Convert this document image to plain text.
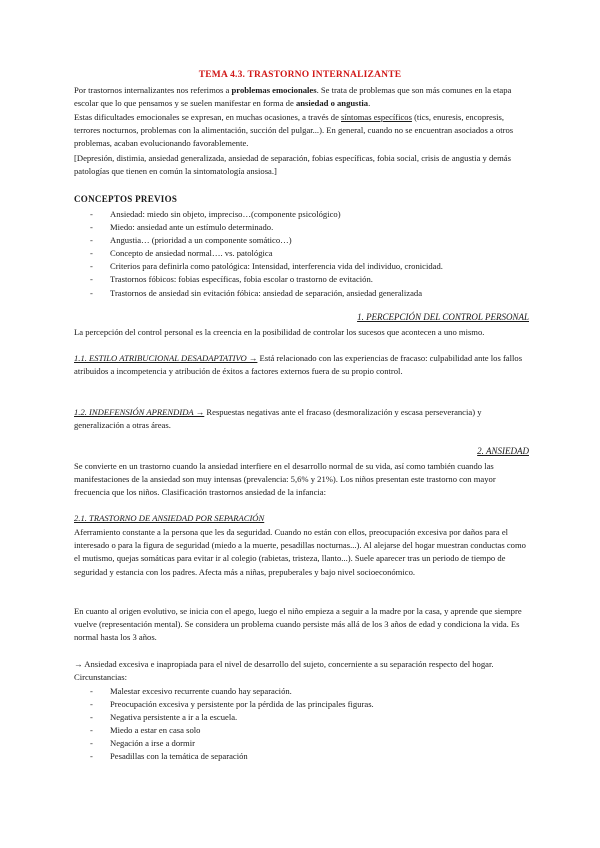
TEMA 4.3. TRASTORNO INTERNALIZANTE
Por trastornos internalizantes nos referimos a problemas emocionales. Se trata de problemas que son más comunes en la etapa escolar que lo que pensamos y se suelen manifestar en forma de ansiedad o angustia.
Estas dificultades emocionales se expresan, en muchas ocasiones, a través de síntomas específicos (tics, enuresis, encopresis, terrores nocturnos, problemas con la alimentación, succión del pulgar...). En general, cuando no se encuentran asociados a otros problemas, acaban evolucionando favorablemente.
[Depresión, distimia, ansiedad generalizada, ansiedad de separación, fobias específicas, fobia social, crisis de angustia y demás patologías que tienen en común la sintomatología ansiosa.]
CONCEPTOS PREVIOS
- Ansiedad: miedo sin objeto, impreciso…(componente psicológico)
- Miedo: ansiedad ante un estímulo determinado.
- Angustia… (prioridad a un componente somático…)
- Concepto de ansiedad normal…. vs. patológica
- Criterios para definirla como patológica: Intensidad, interferencia vida del individuo, cronicidad.
- Trastornos fóbicos: fobias específicas, fobia escolar o trastorno de evitación.
- Trastornos de ansiedad sin evitación fóbica: ansiedad de separación, ansiedad generalizada
1. PERCEPCIÓN DEL CONTROL PERSONAL
La percepción del control personal es la creencia en la posibilidad de controlar los sucesos que acontecen a uno mismo.
1.1. ESTILO ATRIBUCIONAL DESADAPTATIVO → Está relacionado con las experiencias de fracaso: culpabilidad ante los fallos atribuidos a incompetencia y atribución de éxitos a factores externos fuera de su propio control.
1.2. INDEFENSIÓN APRENDIDA → Respuestas negativas ante el fracaso (desmoralización y escasa perseverancia) y generalización a otras áreas.
2. ANSIEDAD
Se convierte en un trastorno cuando la ansiedad interfiere en el desarrollo normal de su vida, así como también cuando las manifestaciones de la ansiedad son muy intensas (prevalencia: 5,6% y 21%). Los niños presentan este trastorno con mayor frecuencia que los niños. Clasificación trastornos ansiedad de la infancia:
2.1. TRASTORNO DE ANSIEDAD POR SEPARACIÓN
Aferramiento constante a la persona que les da seguridad. Cuando no están con ellos, preocupación excesiva por daños para el interesado o para la figura de seguridad (miedo a la muerte, pesadillas nocturnas...). Al alejarse del hogar muestran conductas como el mutismo, quejas somáticas para evitar ir al colegio (rabietas, tristeza, llanto...). Suele aparecer tras un periodo de tiempo de seguridad y estancia con los padres. Afecta más a niñas, prepuberales y bajo nivel socioeconómico.
En cuanto al origen evolutivo, se inicia con el apego, luego el niño empieza a seguir a la madre por la casa, y aprende que siempre vuelve (representación mental). Se considera un problema cuando persiste más allá de los 3 años de edad y condiciona la vida. Es normal hasta los 3 años.
→ Ansiedad excesiva e inapropiada para el nivel de desarrollo del sujeto, concerniente a su separación respecto del hogar. Circunstancias:
- Malestar excesivo recurrente cuando hay separación.
- Preocupación excesiva y persistente por la pérdida de las principales figuras.
- Negativa persistente a ir a la escuela.
- Miedo a estar en casa solo
- Negación a irse a dormir
- Pesadillas con la temática de separación
